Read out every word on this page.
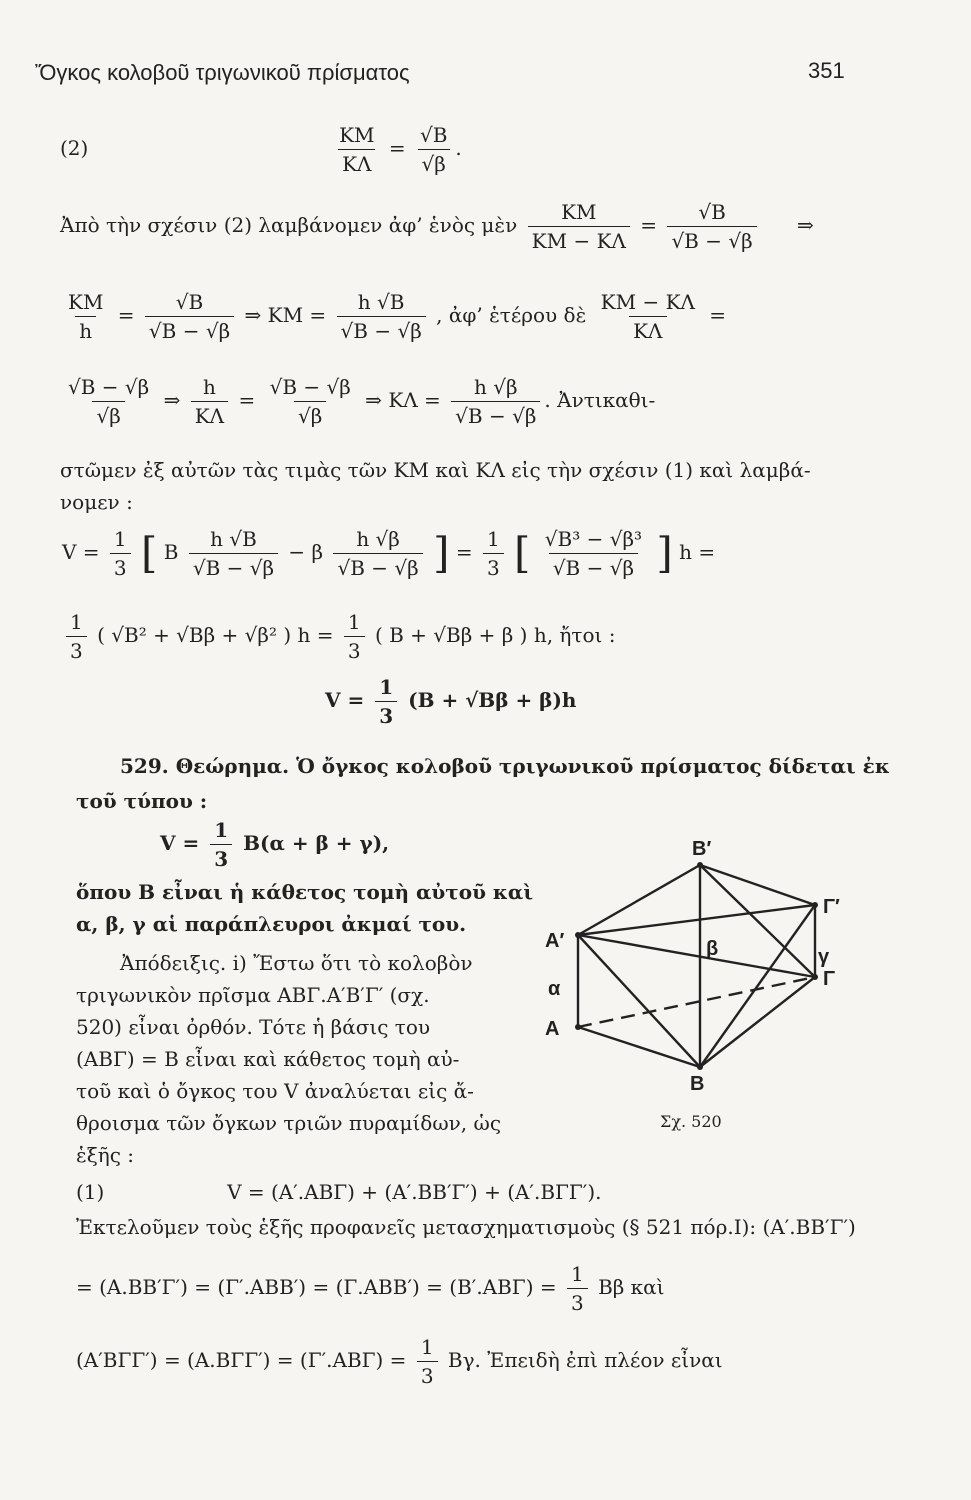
Ὄγκος κολοβοῦ τριγωνικοῦ πρίσματος	351
(2)	$\frac{KM}{K\Lambda} = \frac{√B}{√\beta}$ .
Ἀπὸ τὴν σχέσιν (2) λαμβάνομεν ἀφ’ ἑνὸς μὲν $\frac{KM}{KM - K\Lambda} = \frac{√B}{√B - √\beta}$ ⇒
$\frac{KM}{h} = \frac{√B}{√B - √\beta}$ ⇒ KM = $\frac{h √B}{√B - √\beta}$ , ἀφ’ ἑτέρου δὲ $\frac{KM - K\Lambda}{K\Lambda}$ =
$\frac{√B - √\beta}{√\beta}$ ⇒ $\frac{h}{K\Lambda} = \frac{√B - √\beta}{√\beta}$ ⇒ $K\Lambda = \frac{h √\beta}{√B - √\beta}$ . Ἀντικαθι-
στῶμεν ἐξ αὐτῶν τὰς τιμὰς τῶν KM καὶ KΛ εἰς τὴν σχέσιν (1) καὶ λαμβά-
νομεν :
$V = \frac{1}{3}$ [ B $\frac{h √B}{√B - √\beta} - \beta \frac{h √\beta}{√B - √\beta}$ ] = $\frac{1}{3}$ [ $\frac{\text{√B³ − √β³}}{√B - √\beta}$ ] h =
$\frac{1}{3}$ ( √B² + √Bβ + √β² ) $h = \frac{1}{3}$ ( B + √Bβ + β ) h, ἤτοι :
$V = \frac{1}{3} (B + √B\beta + \beta)h$
529. Θεώρημα. Ὁ ὄγκος κολοβοῦ τριγωνικοῦ πρίσματος δίδεται ἐκ
τοῦ τύπου :
$V = \frac{1}{3} B(\alpha + \beta + \gamma)$,
ὅπου B εἶναι ἡ κάθετος τομὴ αὐτοῦ καὶ
α, β, γ αἱ παράπλευροι ἀκμαί του.
Ἀπόδειξις. i) Ἔστω ὅτι τὸ κολοβὸν
τριγωνικὸν πρῖσμα ΑΒΓ.Α′Β′Γ′ (σχ.
520) εἶναι ὀρθόν. Τότε ἡ βάσις του
(ΑΒΓ) = B εἶναι καὶ κάθετος τομὴ αὐ-
τοῦ καὶ ὁ ὄγκος του V ἀναλύεται εἰς ἄ-
θροισμα τῶν ὄγκων τριῶν πυραμίδων, ὡς
ἑξῆς :
(1)	V = (Α′.ΑΒΓ) + (Α′.ΒΒ′Γ′) + (Α′.ΒΓΓ′).
Ἐκτελοῦμεν τοὺς ἑξῆς προφανεῖς μετασχηματισμοὺς (§ 521 πόρ.I): (Α′.ΒΒ′Γ′)
= $(A.BB'\Gamma') = (\Gamma'.ABB') = (\Gamma.ABB') = (B'.AB\Gamma) = \frac{1}{3}$ Bβ καὶ
$(A'B\Gamma\Gamma') = (A.B\Gamma\Gamma') = (\Gamma'.AB\Gamma) = \frac{1}{3} B\gamma$. Ἐπειδὴ ἐπὶ πλέον εἶναι
A′
B′
Γ′
A
B
Γ
α
β	γ
Σχ. 520
